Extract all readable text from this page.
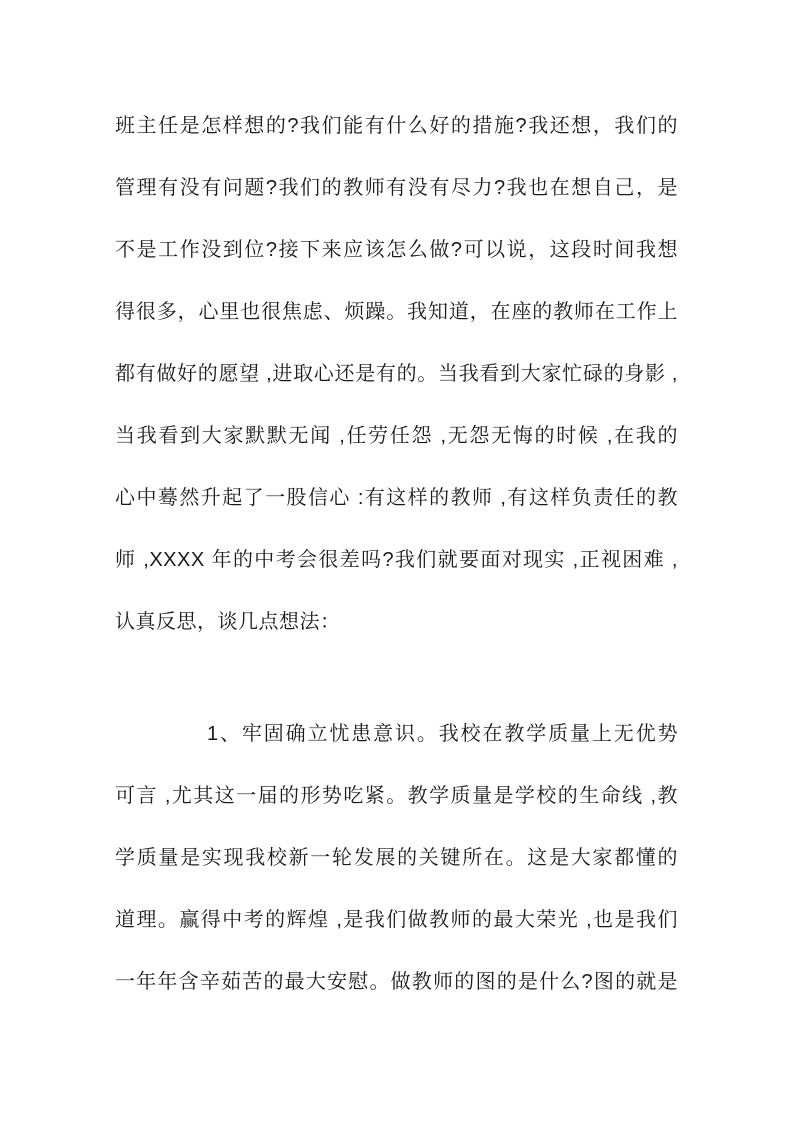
班主任是怎样想的?我们能有什么好的措施?我还想，我们的
管理有没有问题?我们的教师有没有尽力?我也在想自己，是
不是工作没到位?接下来应该怎么做?可以说，这段时间我想
得很多，心里也很焦虑、烦躁。我知道，在座的教师在工作上
都有做好的愿望 ,进取心还是有的。当我看到大家忙碌的身影 ,
当我看到大家默默无闻 ,任劳任怨 ,无怨无悔的时候 ,在我的
心中蓦然升起了一股信心 :有这样的教师 ,有这样负责任的教
师 ,XXXX 年的中考会很差吗?我们就要面对现实 ,正视困难 ,
认真反思，谈几点想法：
1、牢固确立忧患意识。我校在教学质量上无优势
可言 ,尤其这一届的形势吃紧。教学质量是学校的生命线 ,教
学质量是实现我校新一轮发展的关键所在。这是大家都懂的
道理。赢得中考的辉煌 ,是我们做教师的最大荣光 ,也是我们
一年年含辛茹苦的最大安慰。做教师的图的是什么?图的就是
